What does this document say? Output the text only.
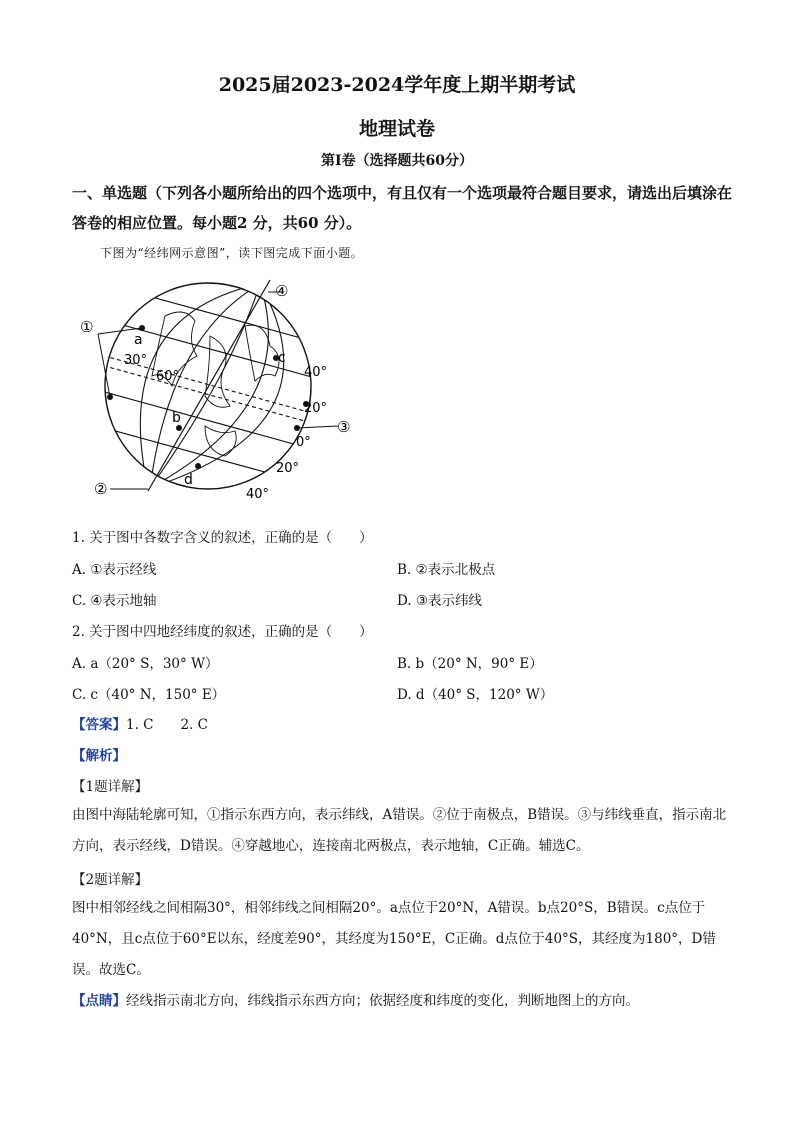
2025届2023-2024学年度上期半期考试
地理试卷
第Ⅰ卷（选择题共60分）
一、单选题（下列各小题所给出的四个选项中，有且仅有一个选项最符合题目要求，请选出后填涂在答卷的相应位置。每小题2 分，共60 分）。
下图为“经纬网示意图”，读下图完成下面小题。
①
②
③
④
a
b
c
d
30°
60°	40°
20°
0°
20°
40°
1. 关于图中各数字含义的叙述，正确的是（　　）
A. ①表示经线	B. ②表示北极点
C. ④表示地轴	D. ③表示纬线
2. 关于图中四地经纬度的叙述，正确的是（　　）
A. a（20° S，30° W）	B. b（20° N，90° E）
C. c（40° N，150° E）	D. d（40° S，120° W）
【答案】1. C　　2. C
【解析】
【1题详解】
由图中海陆轮廓可知，①指示东西方向，表示纬线，A错误。②位于南极点，B错误。③与纬线垂直，指示南北方向，表示经线，D错误。④穿越地心，连接南北两极点，表示地轴，C正确。辅选C。
【2题详解】
图中相邻经线之间相隔30°，相邻纬线之间相隔20°。a点位于20°N，A错误。b点20°S，B错误。c点位于40°N，且c点位于60°E以东，经度差90°，其经度为150°E，C正确。d点位于40°S，其经度为180°，D错误。故选C。
【点睛】经线指示南北方向，纬线指示东西方向；依据经度和纬度的变化，判断地图上的方向。
